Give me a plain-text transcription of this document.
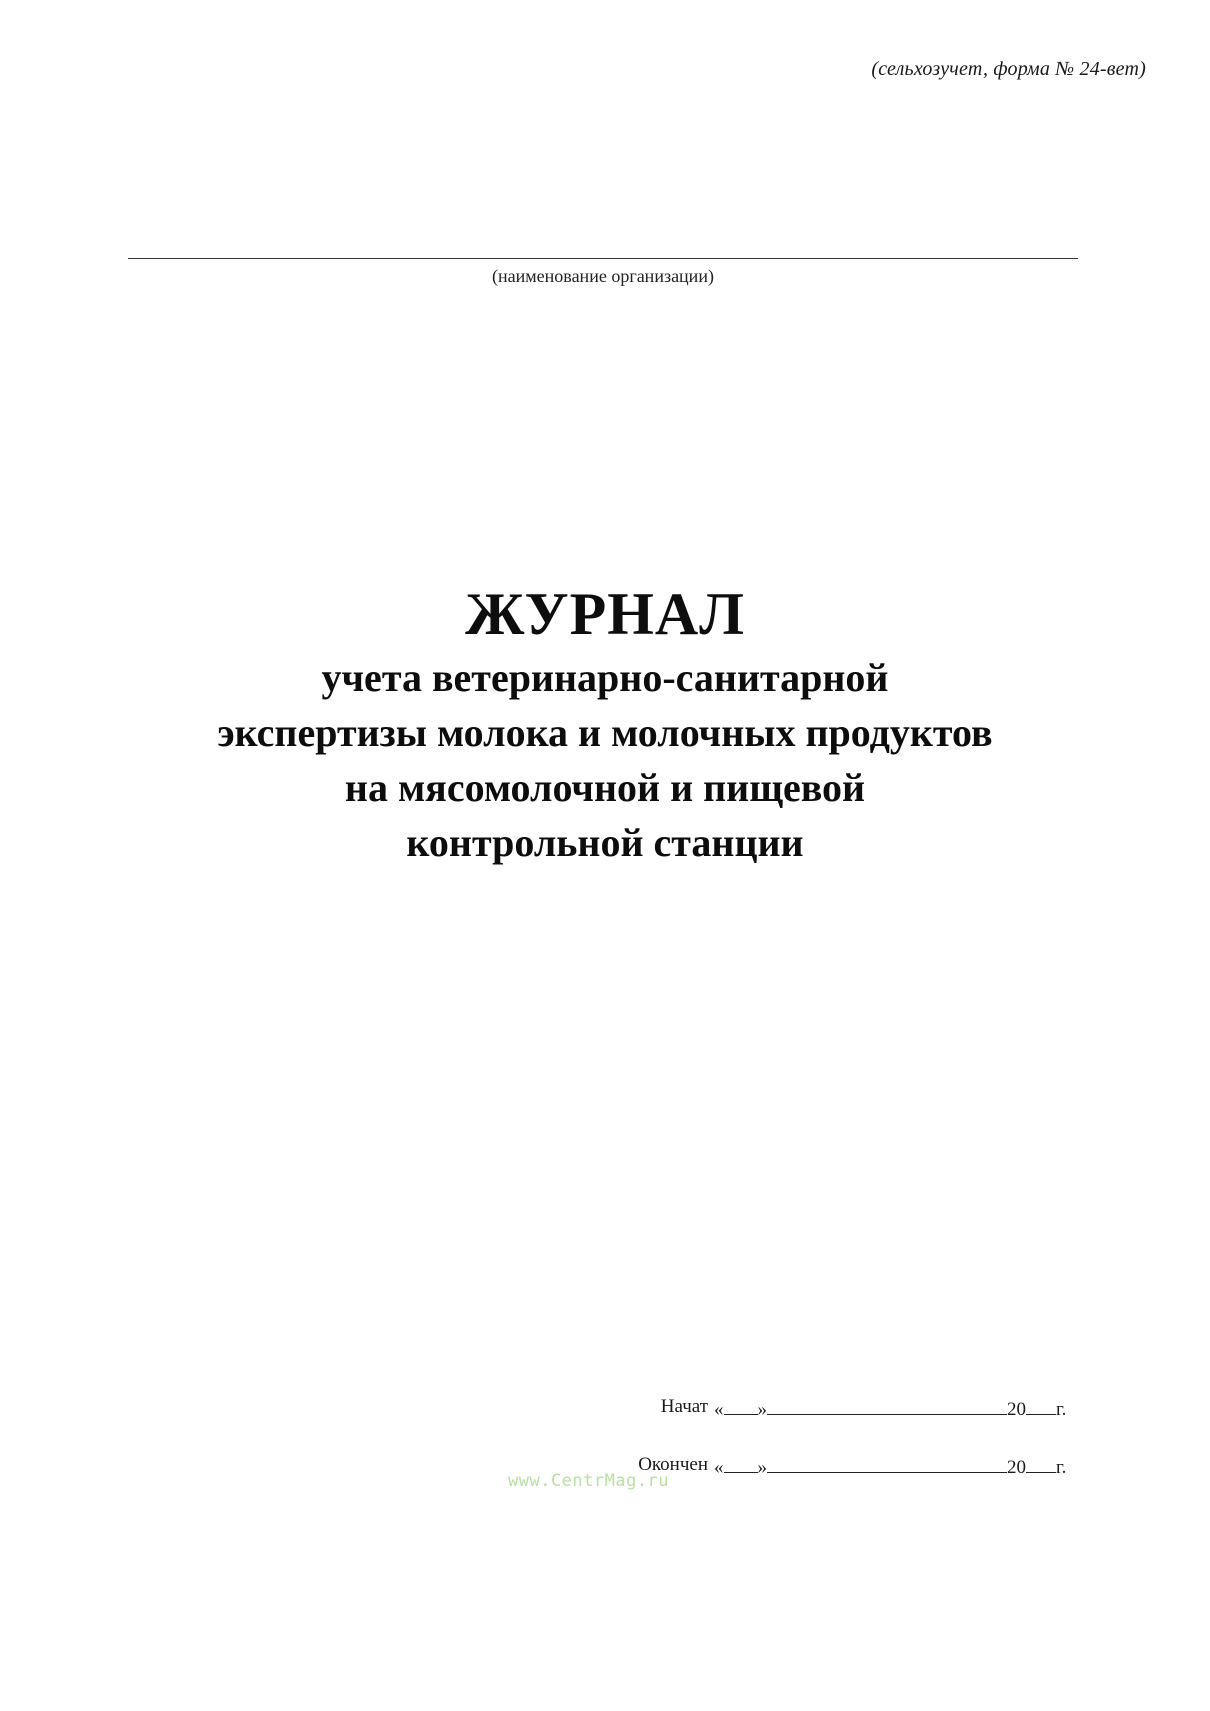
(сельхозучет, форма № 24-вет)
(наименование организации)
ЖУРНАЛ
учета ветеринарно-санитарной
экспертизы молока и молочных продуктов
на мясомолочной и пищевой
контрольной станции
Начат « »	20 г.
Окончен « »	20 г.
www.CentrMag.ru
